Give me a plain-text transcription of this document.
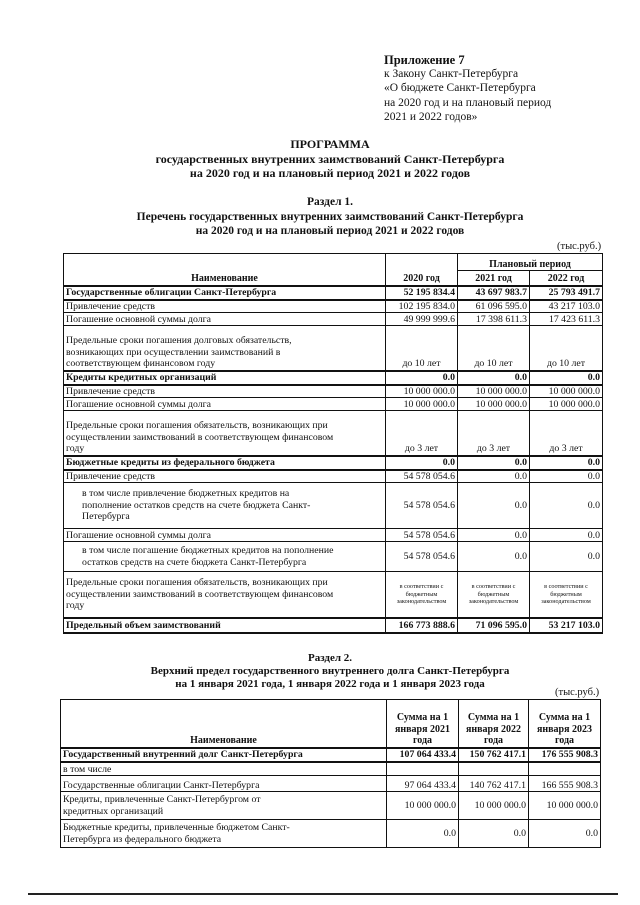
Приложение 7
к Закону Санкт-Петербурга
«О бюджете Санкт-Петербурга
на 2020 год и на плановый период
2021 и 2022 годов»
ПРОГРАММА
государственных внутренних заимствований Санкт-Петербурга
на 2020 год и на плановый период 2021 и 2022 годов
Раздел 1.
Перечень государственных внутренних заимствований Санкт-Петербурга
на 2020 год и на плановый период 2021 и 2022 годов
(тыс.руб.)
Наименование	2020 год	Плановый период	
		2021 год	2022 год
Государственные облигации Санкт-Петербурга	52 195 834.4	43 697 983.7	25 793 491.7
Привлечение средств	102 195 834.0	61 096 595.0	43 217 103.0
Погашение основной суммы долга	49 999 999.6	17 398 611.3	17 423 611.3
Предельные сроки погашения долговых обязательств, возникающих при осуществлении заимствований в соответствующем финансовом году	до 10 лет	до 10 лет	до 10 лет
Кредиты кредитных организаций	0.0	0.0	0.0
Привлечение средств	10 000 000.0	10 000 000.0	10 000 000.0
Погашение основной суммы долга	10 000 000.0	10 000 000.0	10 000 000.0
Предельные сроки погашения обязательств, возникающих при осуществлении заимствований в соответствующем финансовом году	до 3 лет	до 3 лет	до 3 лет
Бюджетные кредиты из федерального бюджета	0.0	0.0	0.0
Привлечение средств	54 578 054.6	0.0	0.0
в том числе привлечение бюджетных кредитов на пополнение остатков средств на счете бюджета Санкт-Петербурга	54 578 054.6	0.0	0.0
Погашение основной суммы долга	54 578 054.6	0.0	0.0
в том числе погашение бюджетных кредитов на пополнение остатков средств на счете бюджета Санкт-Петербурга	54 578 054.6	0.0	0.0
Предельные сроки погашения обязательств, возникающих при осуществлении заимствований в соответствующем финансовом году	в соответствии с бюджетным законодательством	в соответствии с бюджетным законодательством	в соответствии с бюджетным законодательством
Предельный объем заимствований	166 773 888.6	71 096 595.0	53 217 103.0
Раздел 2.
Верхний предел государственного внутреннего долга Санкт-Петербурга
на 1 января 2021 года, 1 января 2022 года и 1 января 2023 года
(тыс.руб.)
Наименование	Сумма на 1 января 2021 года	Сумма на 1 января 2022 года	Сумма на 1 января 2023 года
Государственный внутренний долг Санкт-Петербурга	107 064 433.4	150 762 417.1	176 555 908.3
в том числе			
Государственные облигации Санкт-Петербурга	97 064 433.4	140 762 417.1	166 555 908.3
Кредиты, привлеченные Санкт-Петербургом от кредитных организаций	10 000 000.0	10 000 000.0	10 000 000.0
Бюджетные кредиты, привлеченные бюджетом Санкт-Петербурга из федерального бюджета	0.0	0.0	0.0
